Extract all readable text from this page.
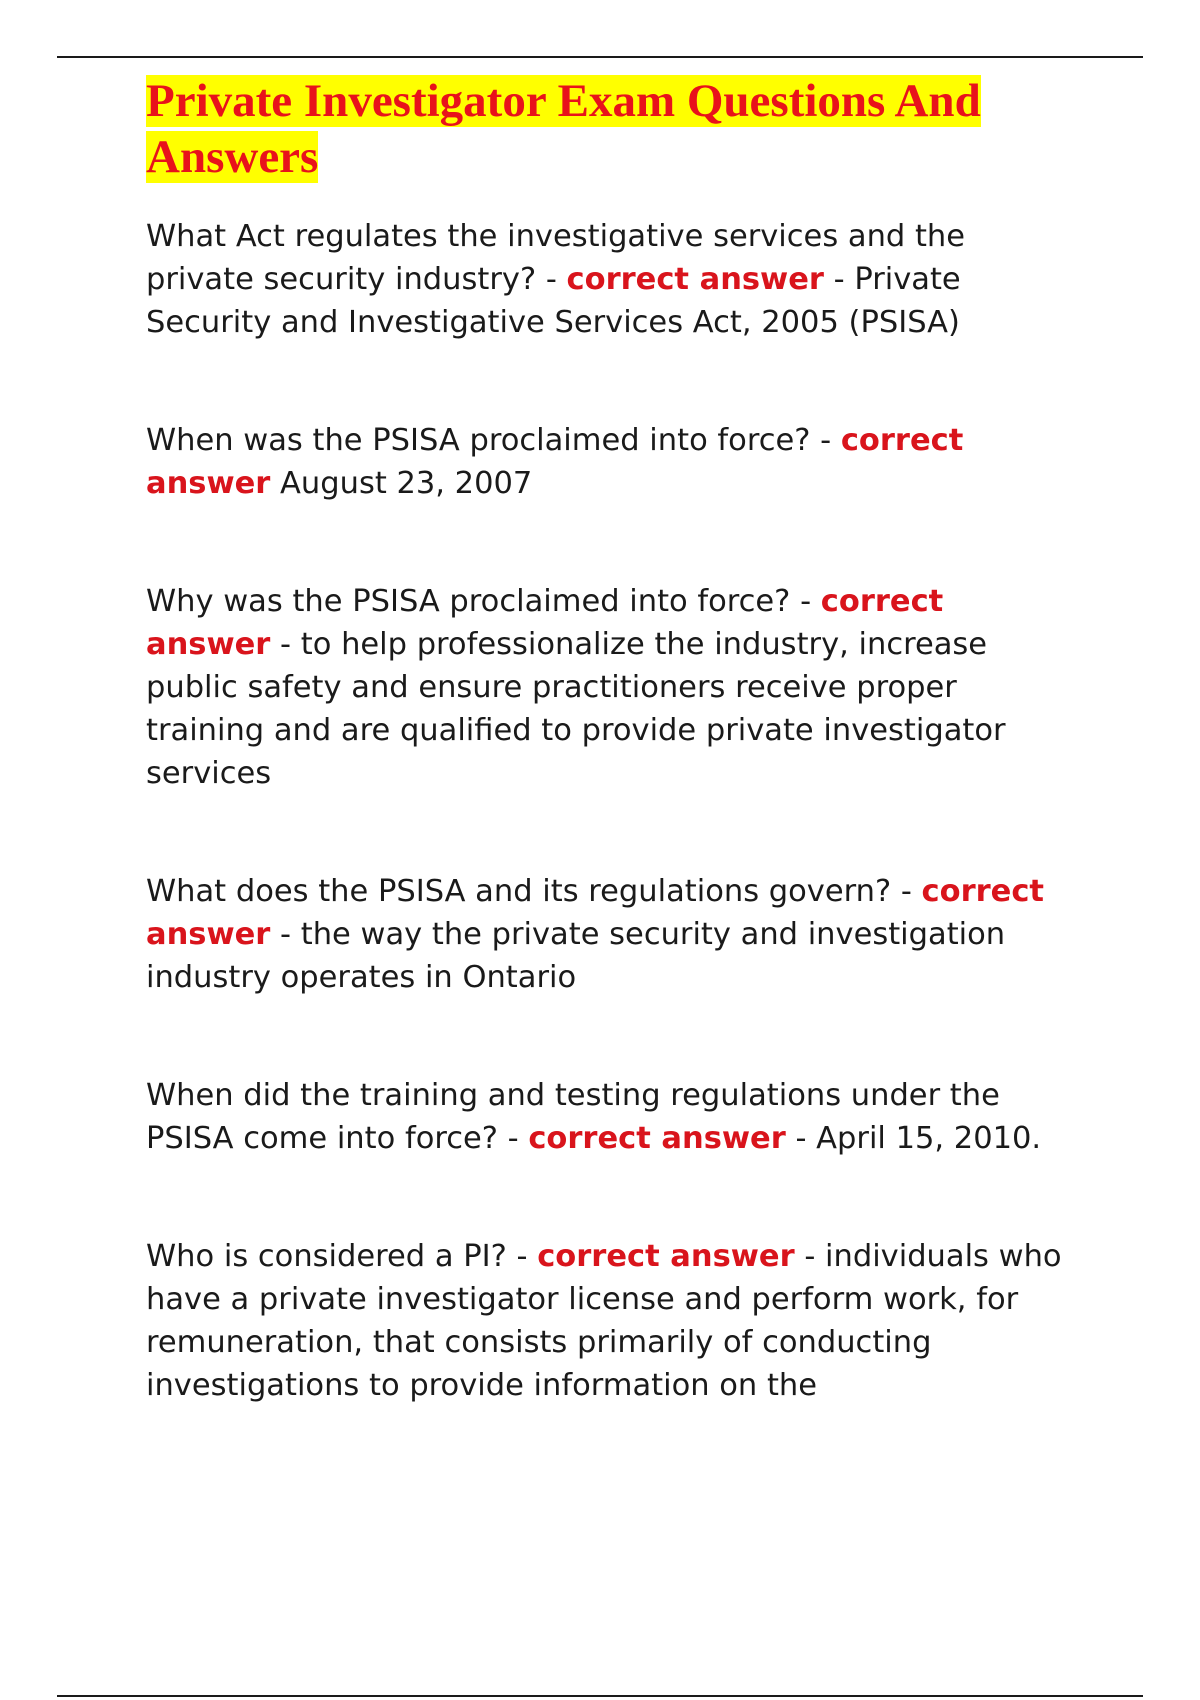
Private Investigator Exam Questions And Answers

What Act regulates the investigative services and the private security industry? - correct answer - Private Security and Investigative Services Act, 2005 (PSISA)

When was the PSISA proclaimed into force? - correct answer August 23, 2007

Why was the PSISA proclaimed into force? - correct answer - to help professionalize the industry, increase public safety and ensure practitioners receive proper training and are qualified to provide private investigator services

What does the PSISA and its regulations govern? - correct answer - the way the private security and investigation industry operates in Ontario

When did the training and testing regulations under the PSISA come into force? - correct answer - April 15, 2010.

Who is considered a PI? - correct answer - individuals who have a private investigator license and perform work, for remuneration, that consists primarily of conducting investigations to provide information on the
